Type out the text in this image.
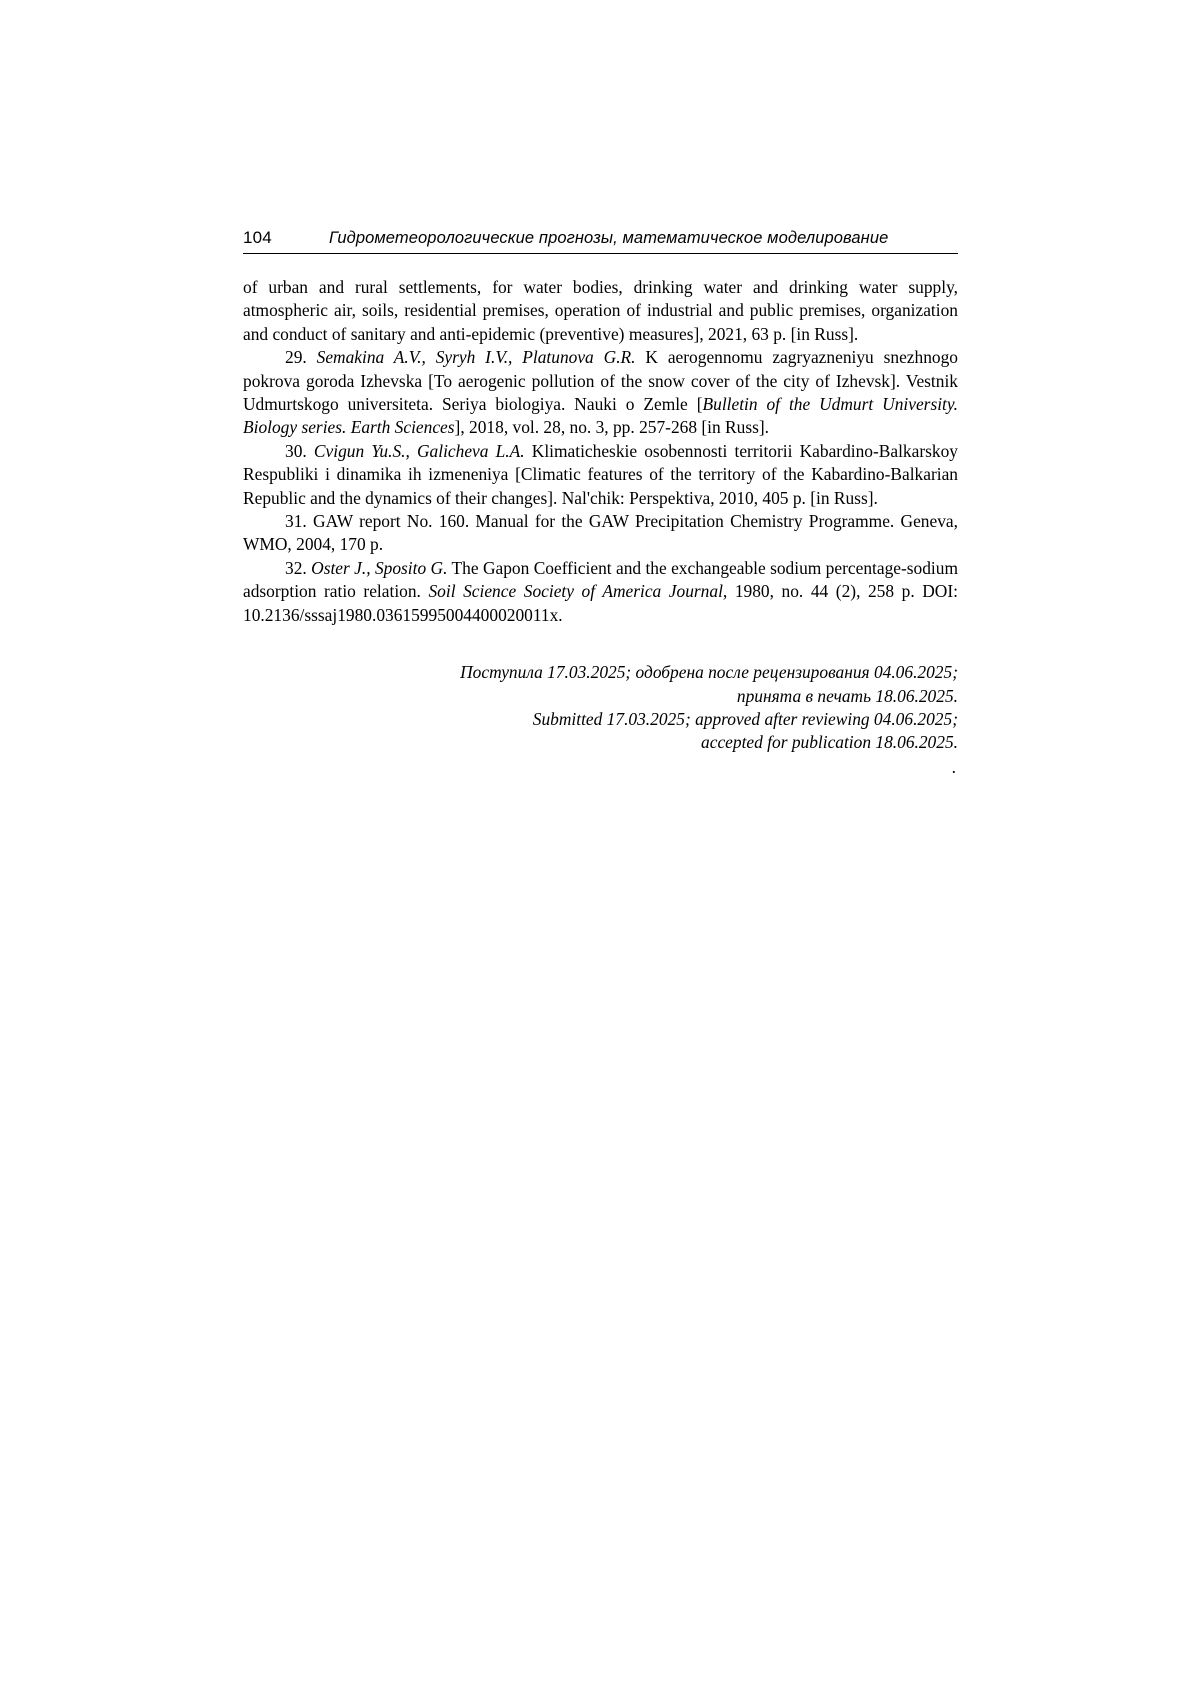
104	Гидрометеорологические прогнозы, математическое моделирование

of urban and rural settlements, for water bodies, drinking water and drinking water supply, atmospheric air, soils, residential premises, operation of industrial and public premises, organization and conduct of sanitary and anti-epidemic (preventive) measures], 2021, 63 p. [in Russ].

29. Semakina A.V., Syryh I.V., Platunova G.R. K aerogennomu zagryazneniyu snezhnogo pokrova goroda Izhevska [To aerogenic pollution of the snow cover of the city of Izhevsk]. Vestnik Udmurtskogo universiteta. Seriya biologiya. Nauki o Zemle [Bulletin of the Udmurt University. Biology series. Earth Sciences], 2018, vol. 28, no. 3, pp. 257-268 [in Russ].

30. Cvigun Yu.S., Galicheva L.A. Klimaticheskie osobennosti territorii Kabardino-Balkarskoy Respubliki i dinamika ih izmeneniya [Climatic features of the territory of the Kabardino-Balkarian Republic and the dynamics of their changes]. Nal'chik: Perspektiva, 2010, 405 p. [in Russ].

31. GAW report No. 160. Manual for the GAW Precipitation Chemistry Programme. Geneva, WMO, 2004, 170 p.

32. Oster J., Sposito G. The Gapon Coefficient and the exchangeable sodium percentage-sodium adsorption ratio relation. Soil Science Society of America Journal, 1980, no. 44 (2), 258 p. DOI: 10.2136/sssaj1980.03615995004400020011x.

Поступила 17.03.2025; одобрена после рецензирования 04.06.2025;
принята в печать 18.06.2025.
Submitted 17.03.2025; approved after reviewing 04.06.2025;
accepted for publication 18.06.2025.
.
